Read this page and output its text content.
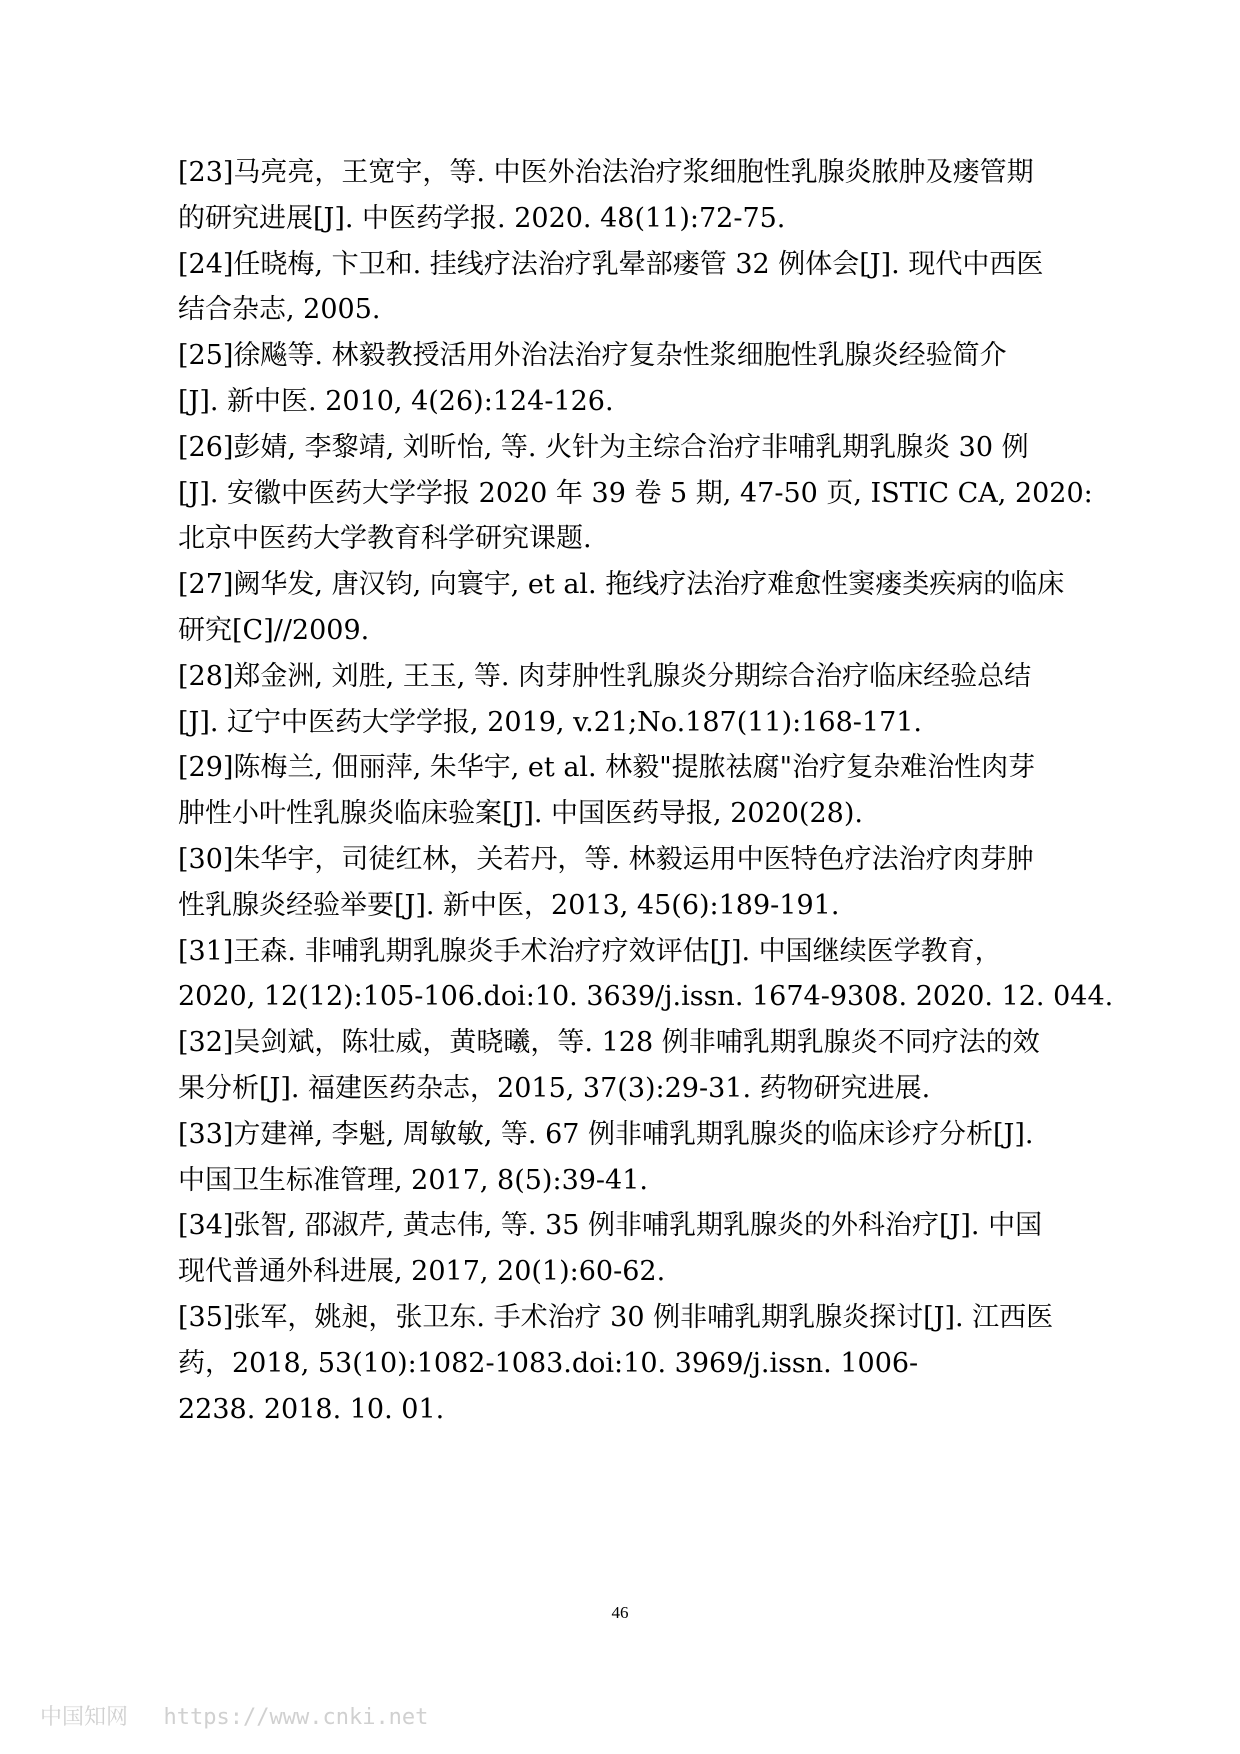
[23]马亮亮，王宽宇，等. 中医外治法治疗浆细胞性乳腺炎脓肿及瘘管期
的研究进展[J]. 中医药学报. 2020. 48(11):72-75.
[24]任晓梅, 卞卫和. 挂线疗法治疗乳晕部瘘管 32 例体会[J]. 现代中西医
结合杂志, 2005.
[25]徐飚等. 林毅教授活用外治法治疗复杂性浆细胞性乳腺炎经验简介
[J]. 新中医. 2010, 4(26):124-126.
[26]彭婧, 李黎靖, 刘昕怡, 等. 火针为主综合治疗非哺乳期乳腺炎 30 例
[J]. 安徽中医药大学学报 2020 年 39 卷 5 期, 47-50 页, ISTIC CA, 2020:
北京中医药大学教育科学研究课题.
[27]阙华发, 唐汉钧, 向寰宇, et al. 拖线疗法治疗难愈性窦瘘类疾病的临床
研究[C]//2009.
[28]郑金洲, 刘胜, 王玉, 等. 肉芽肿性乳腺炎分期综合治疗临床经验总结
[J]. 辽宁中医药大学学报, 2019, v.21;No.187(11):168-171.
[29]陈梅兰, 佃丽萍, 朱华宇, et al. 林毅"提脓祛腐"治疗复杂难治性肉芽
肿性小叶性乳腺炎临床验案[J]. 中国医药导报, 2020(28).
[30]朱华宇，司徒红林，关若丹，等. 林毅运用中医特色疗法治疗肉芽肿
性乳腺炎经验举要[J]. 新中医，2013, 45(6):189-191.
[31]王森. 非哺乳期乳腺炎手术治疗疗效评估[J]. 中国继续医学教育，
2020, 12(12):105-106.doi:10. 3639/j.issn. 1674-9308. 2020. 12. 044.
[32]吴剑斌，陈壮威，黄晓曦，等. 128 例非哺乳期乳腺炎不同疗法的效
果分析[J]. 福建医药杂志，2015, 37(3):29-31. 药物研究进展.
[33]方建禅, 李魁, 周敏敏, 等. 67 例非哺乳期乳腺炎的临床诊疗分析[J].
中国卫生标准管理, 2017, 8(5):39-41.
[34]张智, 邵淑芹, 黄志伟, 等. 35 例非哺乳期乳腺炎的外科治疗[J]. 中国
现代普通外科进展, 2017, 20(1):60-62.
[35]张军，姚昶，张卫东. 手术治疗 30 例非哺乳期乳腺炎探讨[J]. 江西医
药，2018, 53(10):1082-1083.doi:10. 3969/j.issn. 1006-
2238. 2018. 10. 01.
46
中国知网 https://www.cnki.net
